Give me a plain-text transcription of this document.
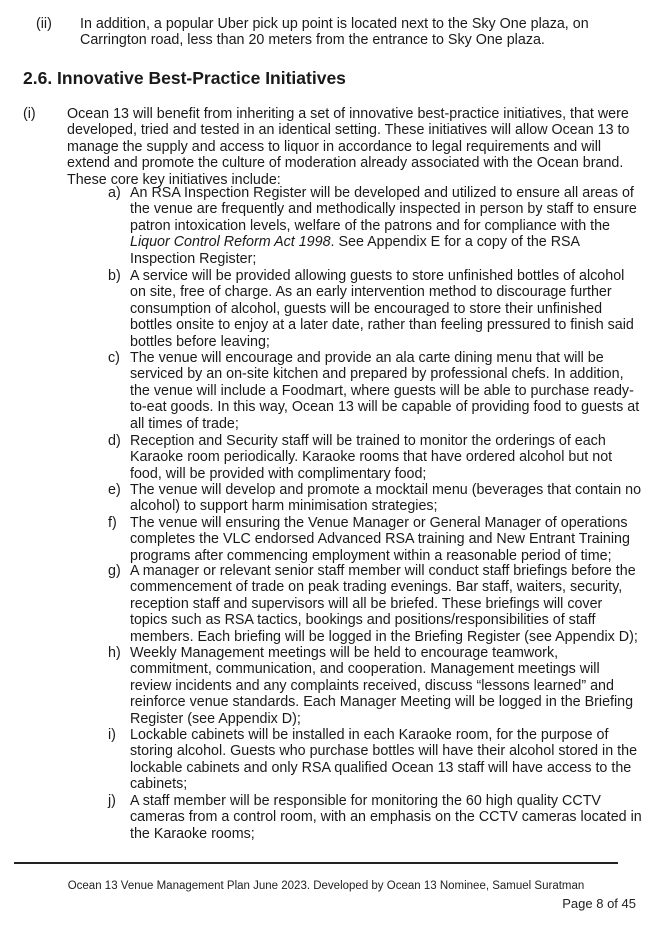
(ii) In addition, a popular Uber pick up point is located next to the Sky One plaza, on Carrington road, less than 20 meters from the entrance to Sky One plaza.
2.6. Innovative Best-Practice Initiatives
(i) Ocean 13 will benefit from inheriting a set of innovative best-practice initiatives, that were developed, tried and tested in an identical setting. These initiatives will allow Ocean 13 to manage the supply and access to liquor in accordance to legal requirements and will extend and promote the culture of moderation already associated with the Ocean brand. These core key initiatives include:
a) An RSA Inspection Register will be developed and utilized to ensure all areas of the venue are frequently and methodically inspected in person by staff to ensure patron intoxication levels, welfare of the patrons and for compliance with the Liquor Control Reform Act 1998. See Appendix E for a copy of the RSA Inspection Register;
b) A service will be provided allowing guests to store unfinished bottles of alcohol on site, free of charge. As an early intervention method to discourage further consumption of alcohol, guests will be encouraged to store their unfinished bottles onsite to enjoy at a later date, rather than feeling pressured to finish said bottles before leaving;
c) The venue will encourage and provide an ala carte dining menu that will be serviced by an on-site kitchen and prepared by professional chefs. In addition, the venue will include a Foodmart, where guests will be able to purchase ready-to-eat goods. In this way, Ocean 13 will be capable of providing food to guests at all times of trade;
d) Reception and Security staff will be trained to monitor the orderings of each Karaoke room periodically. Karaoke rooms that have ordered alcohol but not food, will be provided with complimentary food;
e) The venue will develop and promote a mocktail menu (beverages that contain no alcohol) to support harm minimisation strategies;
f) The venue will ensuring the Venue Manager or General Manager of operations completes the VLC endorsed Advanced RSA training and New Entrant Training programs after commencing employment within a reasonable period of time;
g) A manager or relevant senior staff member will conduct staff briefings before the commencement of trade on peak trading evenings. Bar staff, waiters, security, reception staff and supervisors will all be briefed. These briefings will cover topics such as RSA tactics, bookings and positions/responsibilities of staff members. Each briefing will be logged in the Briefing Register (see Appendix D);
h) Weekly Management meetings will be held to encourage teamwork, commitment, communication, and cooperation. Management meetings will review incidents and any complaints received, discuss “lessons learned” and reinforce venue standards. Each Manager Meeting will be logged in the Briefing Register (see Appendix D);
i) Lockable cabinets will be installed in each Karaoke room, for the purpose of storing alcohol. Guests who purchase bottles will have their alcohol stored in the lockable cabinets and only RSA qualified Ocean 13 staff will have access to the cabinets;
j) A staff member will be responsible for monitoring the 60 high quality CCTV cameras from a control room, with an emphasis on the CCTV cameras located in the Karaoke rooms;
Ocean 13 Venue Management Plan June 2023. Developed by Ocean 13 Nominee, Samuel Suratman
Page 8 of 45
